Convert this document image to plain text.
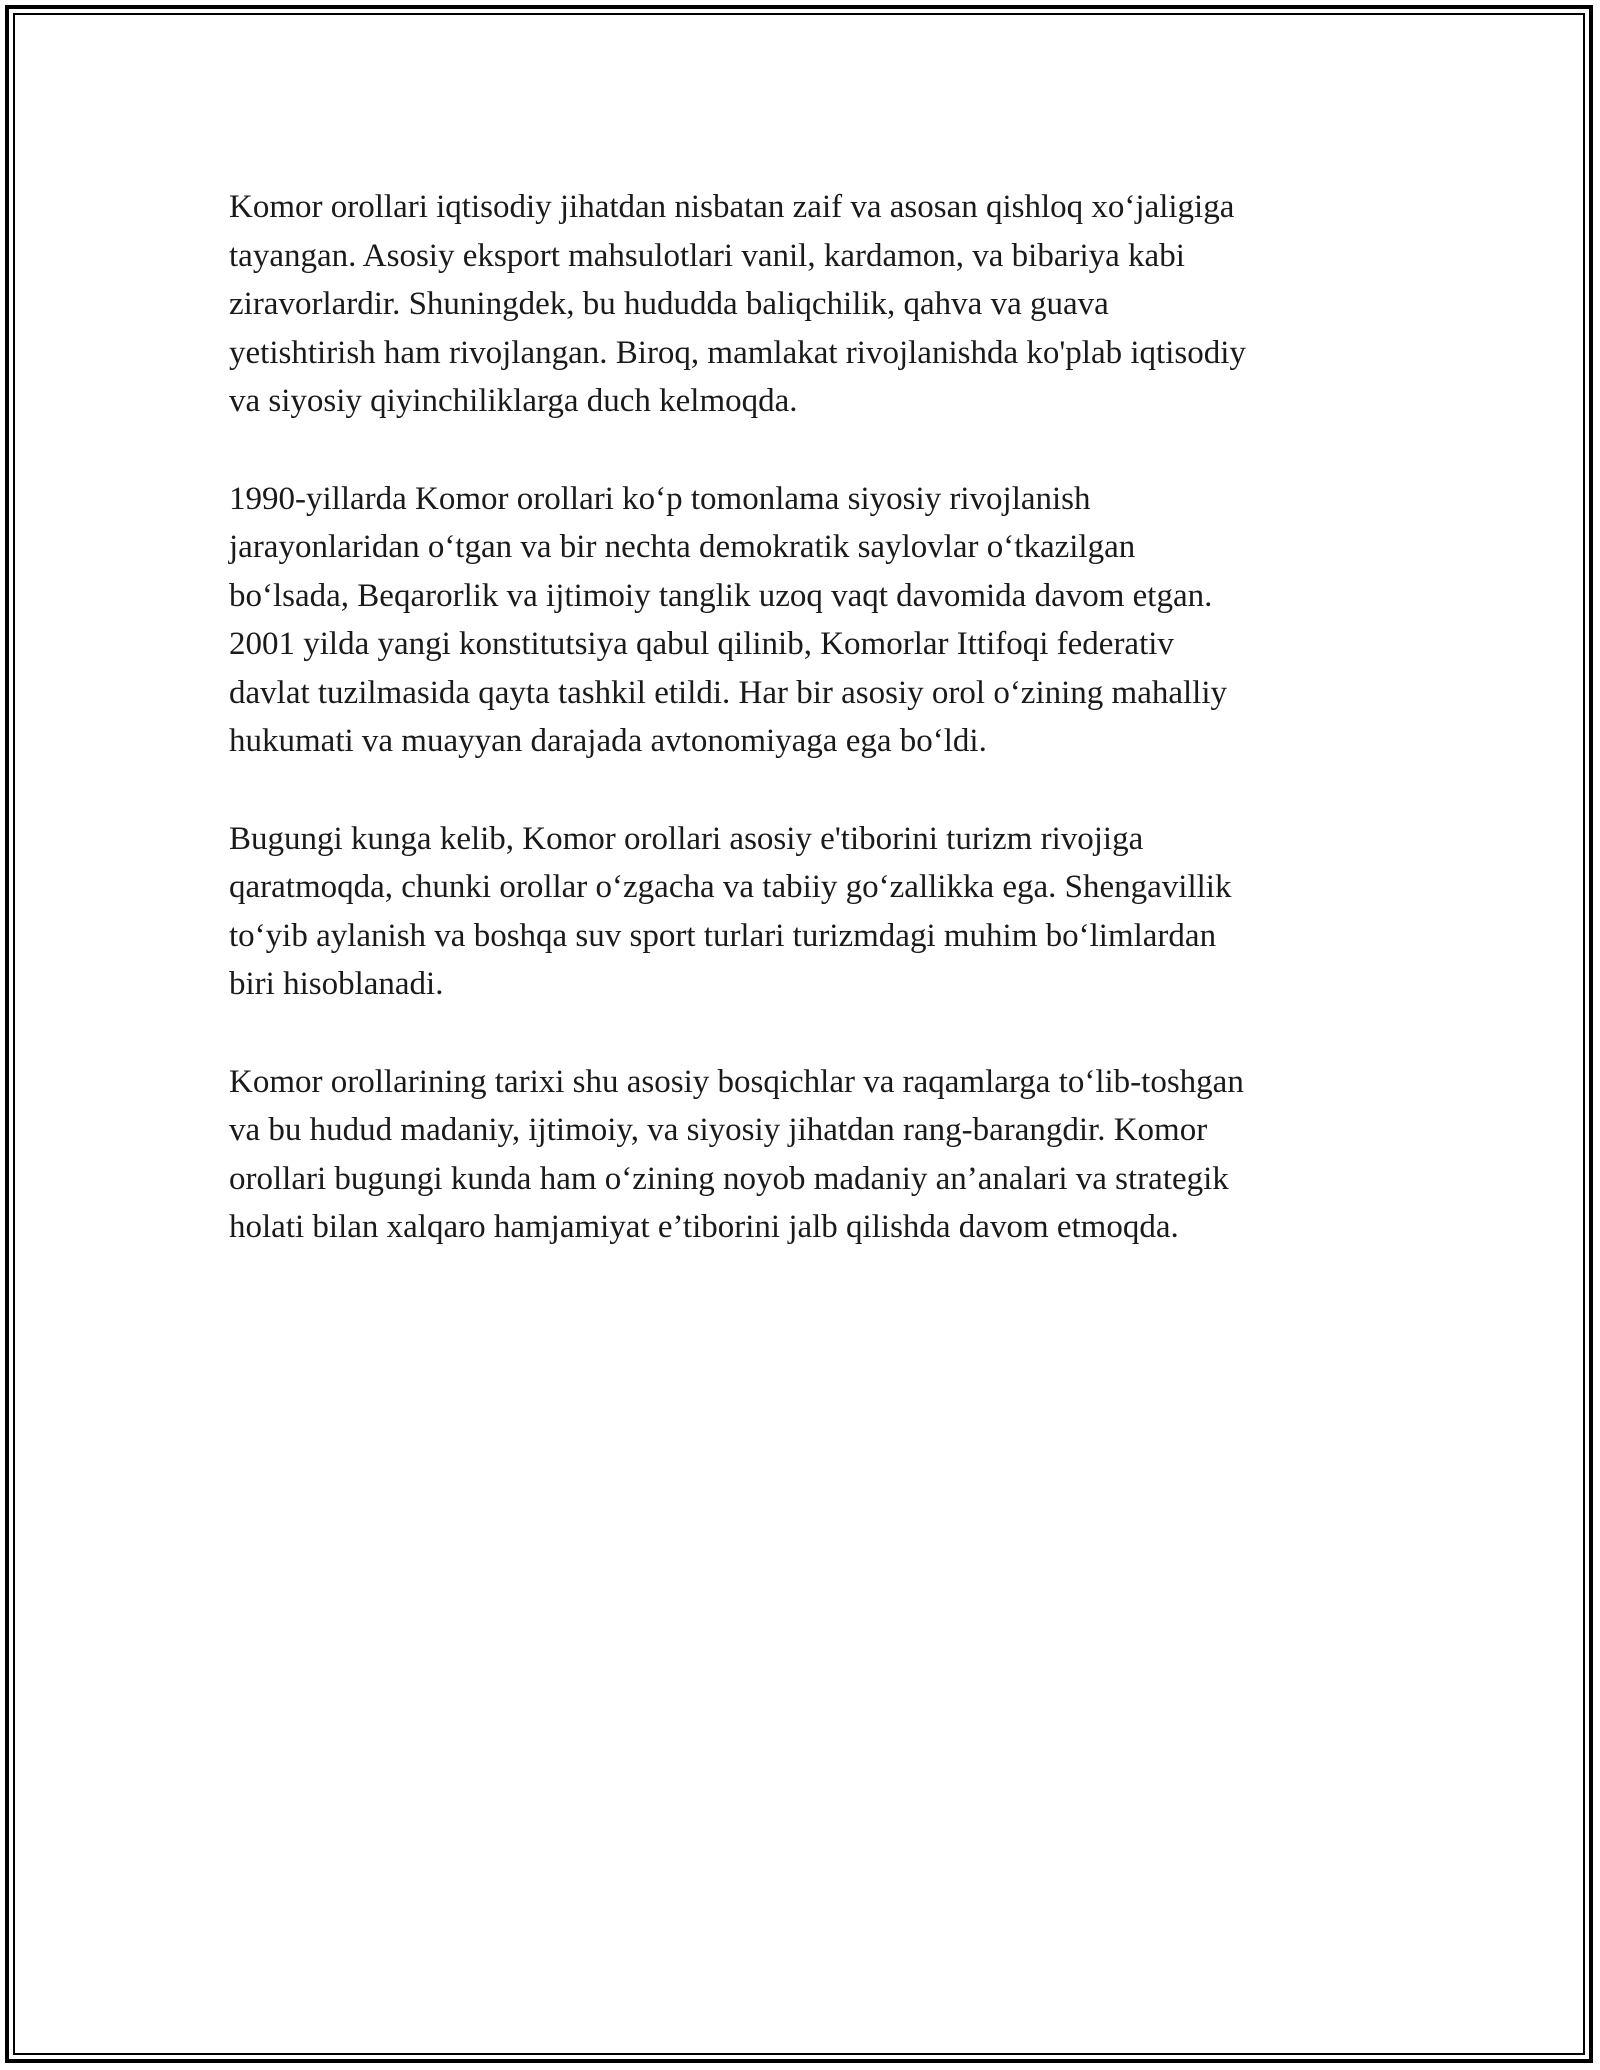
Komor orollari iqtisodiy jihatdan nisbatan zaif va asosan qishloq xo‘jaligiga
tayangan. Asosiy eksport mahsulotlari vanil, kardamon, va bibariya kabi
ziravorlardir. Shuningdek, bu hududda baliqchilik, qahva va guava
yetishtirish ham rivojlangan. Biroq, mamlakat rivojlanishda ko'plab iqtisodiy
va siyosiy qiyinchiliklarga duch kelmoqda.

1990-yillarda Komor orollari ko‘p tomonlama siyosiy rivojlanish
jarayonlaridan o‘tgan va bir nechta demokratik saylovlar o‘tkazilgan
bo‘lsada, Beqarorlik va ijtimoiy tanglik uzoq vaqt davomida davom etgan.
2001 yilda yangi konstitutsiya qabul qilinib, Komorlar Ittifoqi federativ
davlat tuzilmasida qayta tashkil etildi. Har bir asosiy orol o‘zining mahalliy
hukumati va muayyan darajada avtonomiyaga ega bo‘ldi.

Bugungi kunga kelib, Komor orollari asosiy e'tiborini turizm rivojiga
qaratmoqda, chunki orollar o‘zgacha va tabiiy go‘zallikka ega. Shengavillik
to‘yib aylanish va boshqa suv sport turlari turizmdagi muhim bo‘limlardan
biri hisoblanadi.

Komor orollarining tarixi shu asosiy bosqichlar va raqamlarga to‘lib-toshgan
va bu hudud madaniy, ijtimoiy, va siyosiy jihatdan rang-barangdir. Komor
orollari bugungi kunda ham o‘zining noyob madaniy an’analari va strategik
holati bilan xalqaro hamjamiyat e’tiborini jalb qilishda davom etmoqda.
